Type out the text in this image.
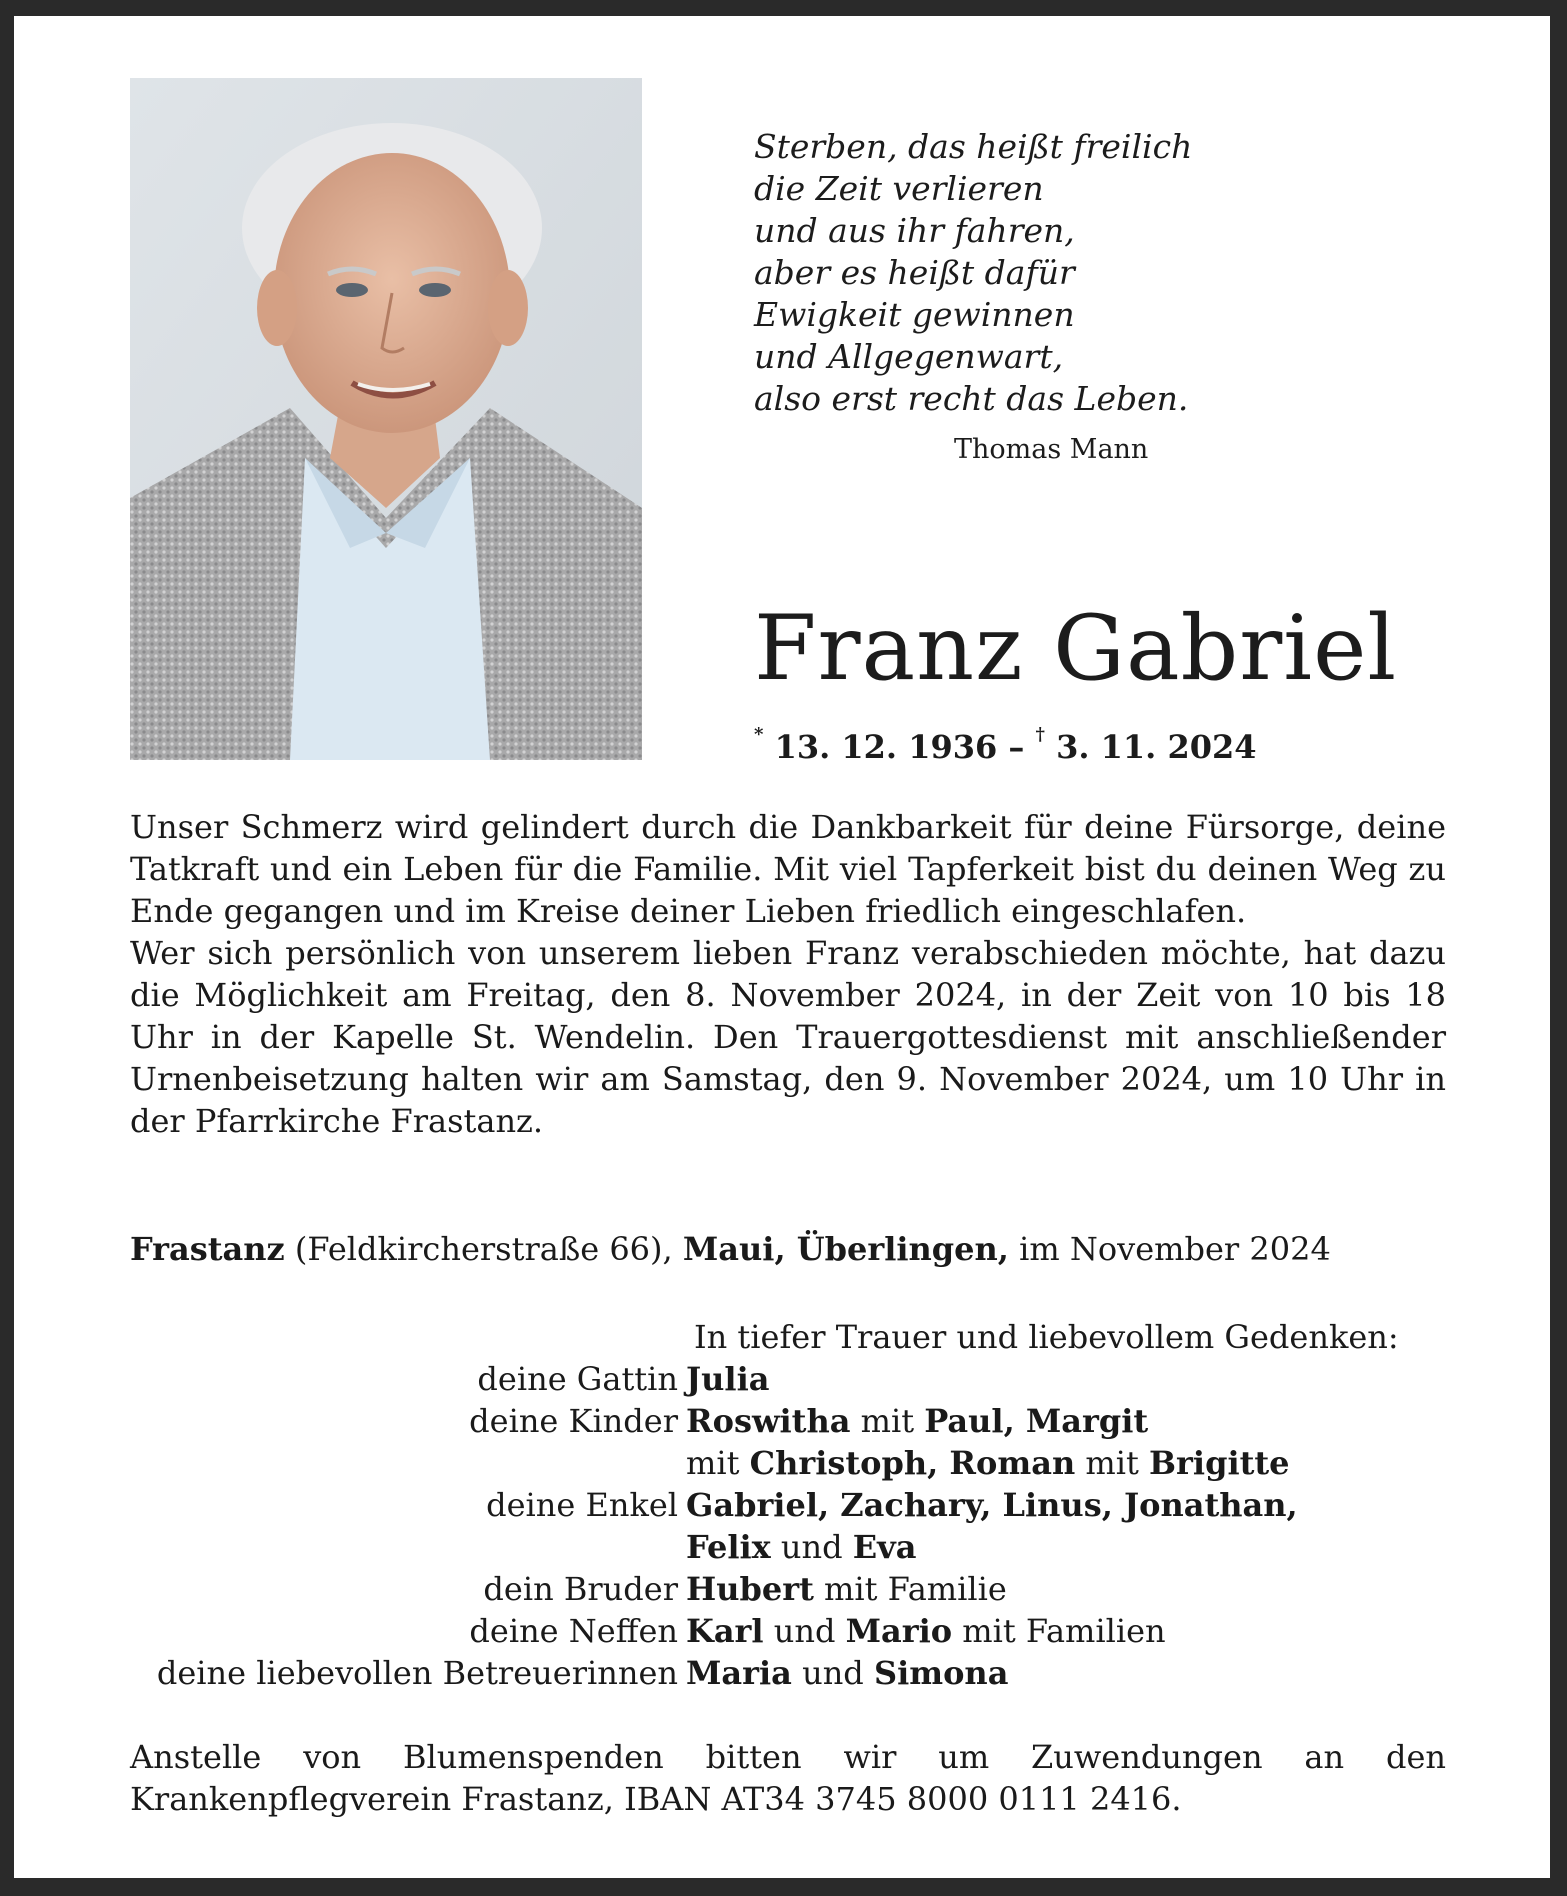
Sterben, das heißt freilich
die Zeit verlieren
und aus ihr fahren,
aber es heißt dafür
Ewigkeit gewinnen
und Allgegenwart,
also erst recht das Leben.
Thomas Mann
Franz Gabriel
* 13. 12. 1936 – † 3. 11. 2024

Unser Schmerz wird gelindert durch die Dankbarkeit für deine Fürsorge, deine Tatkraft und ein Leben für die Familie. Mit viel Tapferkeit bist du deinen Weg zu Ende gegangen und im Kreise deiner Lieben friedlich eingeschlafen.

Wer sich persönlich von unserem lieben Franz verabschieden möchte, hat dazu die Möglichkeit am Freitag, den 8. November 2024, in der Zeit von 10 bis 18 Uhr in der Kapelle St. Wendelin. Den Trauergottesdienst mit anschließender Urnenbeisetzung halten wir am Samstag, den 9. November 2024, um 10 Uhr in der Pfarrkirche Frastanz.

Frastanz (Feldkircherstraße 66), Maui, Überlingen, im November 2024
In tiefer Trauer und liebevollem Gedenken:
deine Gattin Julia
deine Kinder Roswitha mit Paul, Margit
mit Christoph, Roman mit Brigitte
deine Enkel Gabriel, Zachary, Linus, Jonathan,
Felix und Eva
dein Bruder Hubert mit Familie
deine Neffen Karl und Mario mit Familien
deine liebevollen Betreuerinnen Maria und Simona

Anstelle von Blumenspenden bitten wir um Zuwendungen an den Krankenpflegverein Frastanz, IBAN AT34 3745 8000 0111 2416.
